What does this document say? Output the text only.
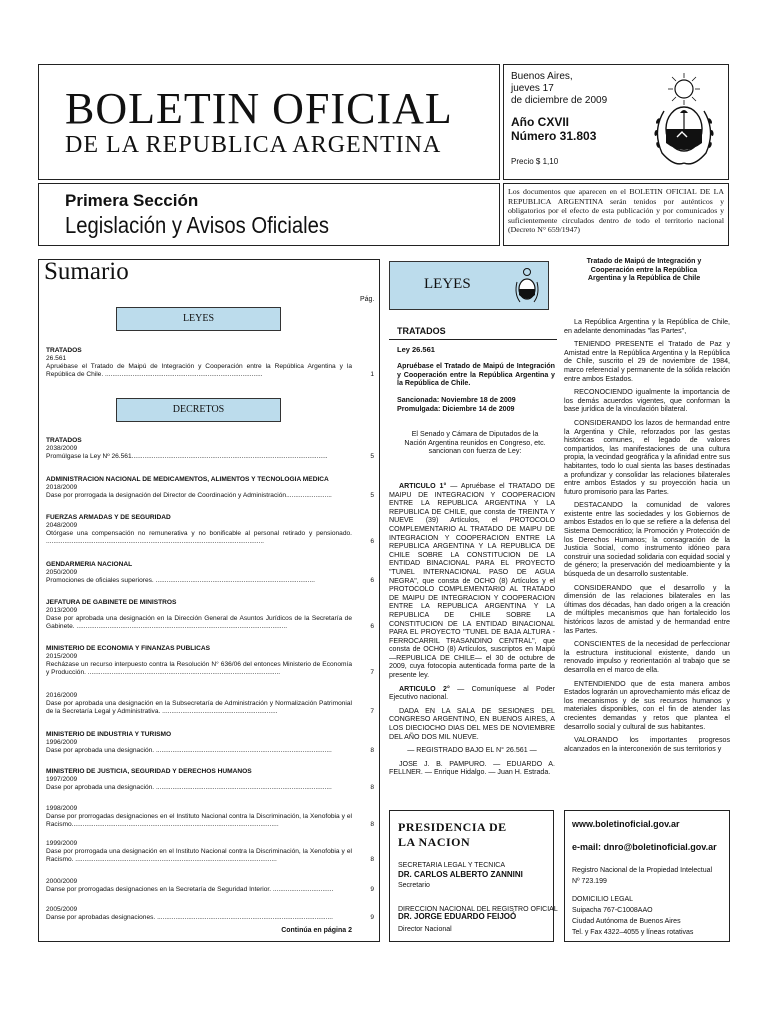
BOLETIN OFICIAL
DE LA REPUBLICA ARGENTINA
Buenos Aires,
jueves 17
de diciembre de 2009
Año CXVII
Número 31.803
Precio $ 1,10
Primera Sección
Legislación y Avisos Oficiales
Los documentos que aparecen en el BOLETIN OFICIAL DE LA REPUBLICA ARGENTINA serán tenidos por auténticos y obligatorios por el efecto de esta publicación y por comunicados y suficientemente circulados dentro de todo el territorio nacional (Decreto N° 659/1947)
Sumario
Pág.
LEYES
DECRETOS
TRATADOS
26.561
Apruébase el Tratado de Maipú de Integración y Cooperación entre la República Argentina y la República de Chile. ......................................................................................	1
TRATADOS
2038/2009
Promúlgase la Ley Nº 26.561...........................................................................................................	5
ADMINISTRACION NACIONAL DE MEDICAMENTOS, ALIMENTOS Y TECNOLOGIA MEDICA
2018/2009
Dase por prorrogada la designación del Director de Coordinación y Administración.........................	5
FUERZAS ARMADAS Y DE SEGURIDAD
2048/2009
Otórgase una compensación no remunerativa y no bonificable al personal retirado y pensionado. .......................................................................................................................	6
GENDARMERIA NACIONAL
2050/2009
Promociones de oficiales superiores. .......................................................................................	6
JEFATURA DE GABINETE DE MINISTROS
2013/2009
Dase por aprobada una designación en la Dirección General de Asuntos Jurídicos de la Secretaría de Gabinete. ...................................................................................................................	6
MINISTERIO DE ECONOMIA Y FINANZAS PUBLICAS
2015/2009
Recházase un recurso interpuesto contra la Resolución N° 636/06 del entonces Ministerio de Economía y Producción. .........................................................................................................	7
2016/2009
Dase por aprobada una designación en la Subsecretaría de Administración y Normalización Patrimonial de la Secretaría Legal y Administrativa. ...............................................................	7
MINISTERIO DE INDUSTRIA Y TURISMO
1996/2009
Dase por aprobada una designación. ................................................................................................	8
MINISTERIO DE JUSTICIA, SEGURIDAD Y DERECHOS HUMANOS
1997/2009
Dase por aprobada una designación. ................................................................................................	8
1998/2009
Danse por prorrogadas designaciones en el Instituto Nacional contra la Discriminación, la Xenofobia y el Racismo.................................................................................................................	8
1999/2009
Dase por prorrogada una designación en el Instituto Nacional contra la Discriminación, la Xenofobia y el Racismo. ..............................................................................................................	8
2000/2009
Danse por prorrogadas designaciones en la Secretaría de Seguridad Interior. .................................	9
2005/2009
Danse por aprobadas designaciones. ................................................................................................	9
Continúa en página 2
LEYES
TRATADOS
Ley 26.561
Apruébase el Tratado de Maipú de Integración y Cooperación entre la República Argentina y la República de Chile.
Sancionada: Noviembre 18 de 2009
Promulgada: Diciembre 14 de 2009
El Senado y Cámara de Diputados de la Nación Argentina reunidos en Congreso, etc. sancionan con fuerza de Ley:

ARTICULO 1° — Apruébase el TRATADO DE MAIPU DE INTEGRACION Y COOPERACION ENTRE LA REPUBLICA ARGENTINA Y LA REPUBLICA DE CHILE, que consta de TREINTA Y NUEVE (39) Artículos, el PROTOCOLO COMPLEMENTARIO AL TRATADO DE MAIPU DE INTEGRACION Y COOPERACION ENTRE LA REPUBLICA ARGENTINA Y LA REPUBLICA DE CHILE SOBRE LA CONSTITUCION DE LA ENTIDAD BINACIONAL PARA EL PROYECTO "TUNEL INTERNACIONAL PASO DE AGUA NEGRA", que consta de OCHO (8) Artículos y el PROTOCOLO COMPLEMENTARIO AL TRATADO DE MAIPU DE INTEGRACION Y COOPERACION ENTRE LA REPUBLICA ARGENTINA Y LA REPUBLICA DE CHILE SOBRE LA CONSTITUCION DE LA ENTIDAD BINACIONAL PARA EL PROYECTO "TUNEL DE BAJA ALTURA - FERROCARRIL TRASANDINO CENTRAL", que consta de OCHO (8) Artículos, suscriptos en Maipú —REPUBLICA DE CHILE— el 30 de octubre de 2009, cuya fotocopia autenticada forma parte de la presente ley.

ARTICULO 2° — Comuníquese al Poder Ejecutivo nacional.

DADA EN LA SALA DE SESIONES DEL CONGRESO ARGENTINO, EN BUENOS AIRES, A LOS DIECIOCHO DIAS DEL MES DE NOVIEMBRE DEL AÑO DOS MIL NUEVE.

— REGISTRADO BAJO EL N° 26.561 —

JOSE J. B. PAMPURO. — EDUARDO A. FELLNER. — Enrique Hidalgo. — Juan H. Estrada.

Tratado de Maipú de Integración y Cooperación entre la República Argentina y la República de Chile

La República Argentina y la República de Chile, en adelante denominadas "las Partes",

TENIENDO PRESENTE el Tratado de Paz y Amistad entre la República Argentina y la República de Chile, suscrito el 29 de noviembre de 1984, marco referencial y permanente de la sólida relación entre ambos Estados.

RECONOCIENDO igualmente la importancia de los demás acuerdos vigentes, que conforman la base jurídica de la vinculación bilateral.

CONSIDERANDO los lazos de hermandad entre la Argentina y Chile, reforzados por las gestas históricas comunes, el legado de valores compartidos, las manifestaciones de una cultura propia, la vecindad geográfica y la afinidad entre sus habitantes, todo lo cual sienta las bases destinadas a profundizar y consolidar las relaciones bilaterales entre ambos Estados y su proyección hacia un futuro promisorio para las Partes.

DESTACANDO la comunidad de valores existente entre las sociedades y los Gobiernos de ambos Estados en lo que se refiere a la defensa del Sistema Democrático; la Promoción y Protección de los Derechos Humanos; la consagración de la Justicia Social, como instrumento idóneo para construir una sociedad solidaria con equidad social y de género; la preservación del medioambiente y la búsqueda de un desarrollo sustentable.

CONSIDERANDO que el desarrollo y la dimensión de las relaciones bilaterales en las últimas dos décadas, han dado origen a la creación de múltiples mecanismos que han fortalecido los históricos lazos de amistad y de hermandad entre las Partes.

CONSCIENTES de la necesidad de perfeccionar la estructura institucional existente, dando un renovado impulso y reorientación al trabajo que se desarrolla en el marco de ella.

ENTENDIENDO que de esta manera ambos Estados lograrán un aprovechamiento más eficaz de los mecanismos y de sus recursos humanos y materiales disponibles, con el fin de atender las crecientes demandas y retos que plantea el desarrollo social y cultural de sus habitantes.

VALORANDO los importantes progresos alcanzados en la interconexión de sus territorios y

PRESIDENCIA DE
LA NACION
SECRETARIA LEGAL Y TECNICA
DR. CARLOS ALBERTO ZANNINI
Secretario
DIRECCION NACIONAL DEL REGISTRO OFICIAL
DR. JORGE EDUARDO FEIJOÓ
Director Nacional
www.boletinoficial.gov.ar
e-mail: dnro@boletinoficial.gov.ar
Registro Nacional de la Propiedad Intelectual
Nº 723.199
DOMICILIO LEGAL
Suipacha 767-C1008AAO
Ciudad Autónoma de Buenos Aires
Tel. y Fax 4322–4055 y líneas rotativas
